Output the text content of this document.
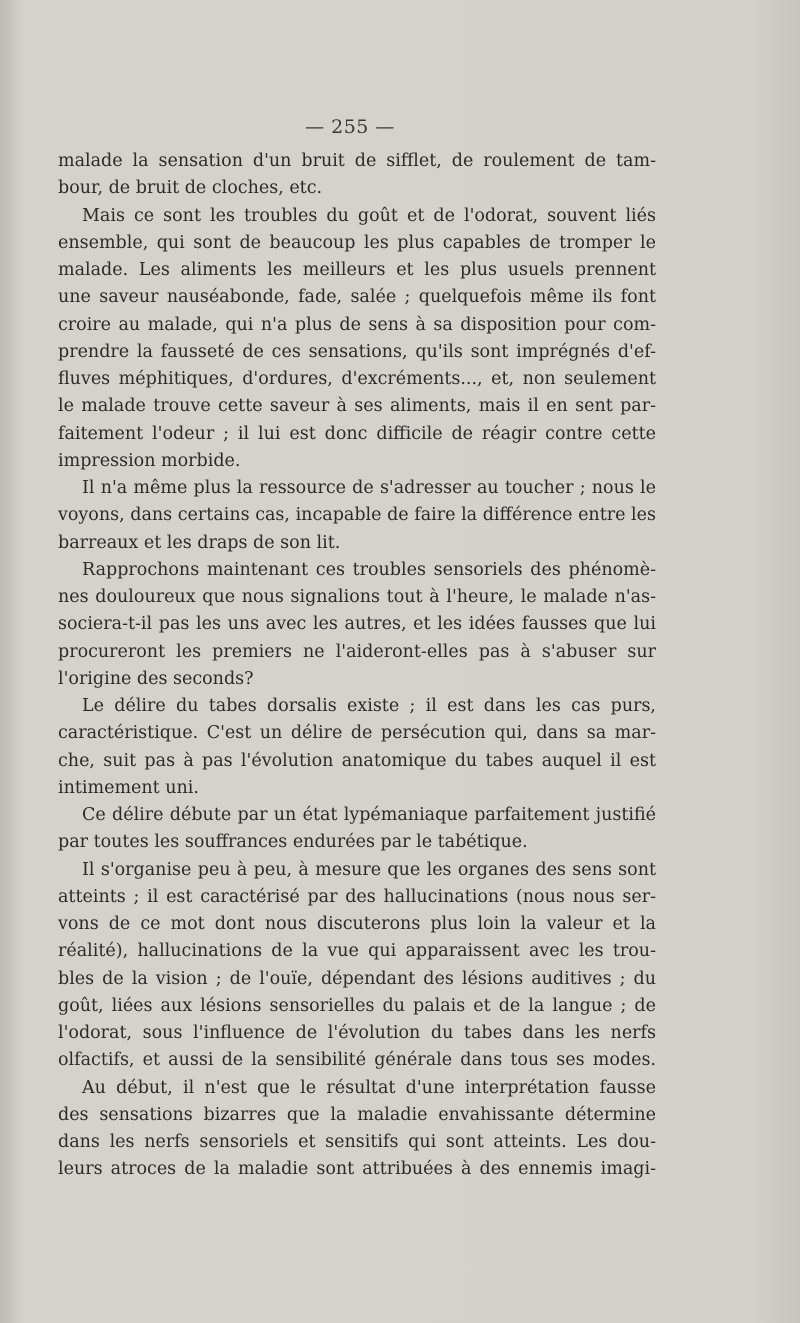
— 255 —
malade la sensation d'un bruit de sifflet, de roulement de tam-
bour, de bruit de cloches, etc.
Mais ce sont les troubles du goût et de l'odorat, souvent liés
ensemble, qui sont de beaucoup les plus capables de tromper le
malade. Les aliments les meilleurs et les plus usuels prennent
une saveur nauséabonde, fade, salée ; quelquefois même ils font
croire au malade, qui n'a plus de sens à sa disposition pour com-
prendre la fausseté de ces sensations, qu'ils sont imprégnés d'ef-
fluves méphitiques, d'ordures, d'excréments..., et, non seulement
le malade trouve cette saveur à ses aliments, mais il en sent par-
faitement l'odeur ; il lui est donc difficile de réagir contre cette
impression morbide.
Il n'a même plus la ressource de s'adresser au toucher ; nous le
voyons, dans certains cas, incapable de faire la différence entre les
barreaux et les draps de son lit.
Rapprochons maintenant ces troubles sensoriels des phénomè-
nes douloureux que nous signalions tout à l'heure, le malade n'as-
sociera-t-il pas les uns avec les autres, et les idées fausses que lui
procureront les premiers ne l'aideront-elles pas à s'abuser sur
l'origine des seconds?
Le délire du tabes dorsalis existe ; il est dans les cas purs,
caractéristique. C'est un délire de persécution qui, dans sa mar-
che, suit pas à pas l'évolution anatomique du tabes auquel il est
intimement uni.
Ce délire débute par un état lypémaniaque parfaitement justifié
par toutes les souffrances endurées par le tabétique.
Il s'organise peu à peu, à mesure que les organes des sens sont
atteints ; il est caractérisé par des hallucinations (nous nous ser-
vons de ce mot dont nous discuterons plus loin la valeur et la
réalité), hallucinations de la vue qui apparaissent avec les trou-
bles de la vision ; de l'ouïe, dépendant des lésions auditives ; du
goût, liées aux lésions sensorielles du palais et de la langue ; de
l'odorat, sous l'influence de l'évolution du tabes dans les nerfs
olfactifs, et aussi de la sensibilité générale dans tous ses modes.
Au début, il n'est que le résultat d'une interprétation fausse
des sensations bizarres que la maladie envahissante détermine
dans les nerfs sensoriels et sensitifs qui sont atteints. Les dou-
leurs atroces de la maladie sont attribuées à des ennemis imagi-
